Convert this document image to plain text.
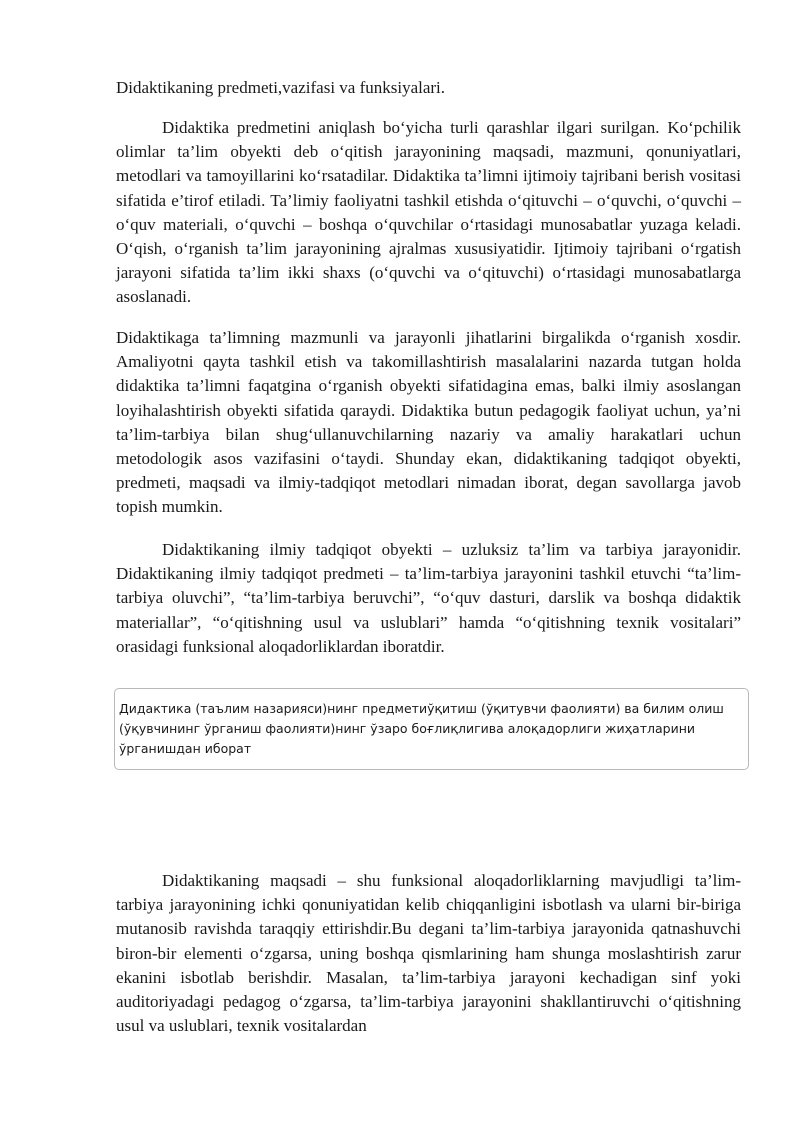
Didaktikaning predmeti,vazifasi va funksiyalari.

Didaktika predmetini aniqlash bo‘yicha turli qarashlar ilgari surilgan. Ko‘pchilik olimlar ta’lim obyekti deb o‘qitish jarayonining maqsadi, mazmuni, qonuniyatlari, metodlari va tamoyillarini ko‘rsatadilar. Didaktika ta’limni ijtimoiy tajribani berish vositasi sifatida e’tirof etiladi. Ta’limiy faoliyatni tashkil etishda o‘qituvchi – o‘quvchi, o‘quvchi – o‘quv materiali, o‘quvchi – boshqa o‘quvchilar o‘rtasidagi munosabatlar yuzaga keladi. O‘qish, o‘rganish ta’lim jarayonining ajralmas xususiyatidir. Ijtimoiy tajribani o‘rgatish jarayoni sifatida ta’lim ikki shaxs (o‘quvchi va o‘qituvchi) o‘rtasidagi munosabatlarga asoslanadi.

Didaktikaga ta’limning mazmunli va jarayonli jihatlarini birgalikda o‘rganish xosdir. Amaliyotni qayta tashkil etish va takomillashtirish masalalarini nazarda tutgan holda didaktika ta’limni faqatgina o‘rganish obyekti sifatidagina emas, balki ilmiy asoslangan loyihalashtirish obyekti sifatida qaraydi. Didaktika butun pedagogik faoliyat uchun, ya’ni ta’lim-tarbiya bilan shug‘ullanuvchilarning nazariy va amaliy harakatlari uchun metodologik asos vazifasini o‘taydi. Shunday ekan, didaktikaning tadqiqot obyekti, predmeti, maqsadi va ilmiy-tadqiqot metodlari nimadan iborat, degan savollarga javob topish mumkin.

Didaktikaning ilmiy tadqiqot obyekti – uzluksiz ta’lim va tarbiya jarayonidir. Didaktikaning ilmiy tadqiqot predmeti – ta’lim-tarbiya jarayonini tashkil etuvchi “ta’lim-tarbiya oluvchi”, “ta’lim-tarbiya beruvchi”, “o‘quv dasturi, darslik va boshqa didaktik materiallar”, “o‘qitishning usul va uslublari” hamda “o‘qitishning texnik vositalari” orasidagi funksional aloqadorliklardan iboratdir.

Дидактика (таълим назарияси)нинг предметиўқитиш (ўқитувчи фаолияти) ва билим олиш (ўқувчининг ўрганиш фаолияти)нинг ўзаро боғлиқлигива алоқадорлиги жиҳатларини ўрганишдан иборат

Didaktikaning maqsadi – shu funksional aloqadorliklarning mavjudligi ta’lim-tarbiya jarayonining ichki qonuniyatidan kelib chiqqanligini isbotlash va ularni bir-biriga mutanosib ravishda taraqqiy ettirishdir.Bu degani ta’lim-tarbiya jarayonida qatnashuvchi biron-bir elementi o‘zgarsa, uning boshqa qismlarining ham shunga moslashtirish zarur ekanini isbotlab berishdir. Masalan, ta’lim-tarbiya jarayoni kechadigan sinf yoki auditoriyadagi pedagog o‘zgarsa, ta’lim-tarbiya jarayonini shakllantiruvchi o‘qitishning usul va uslublari, texnik vositalardan
